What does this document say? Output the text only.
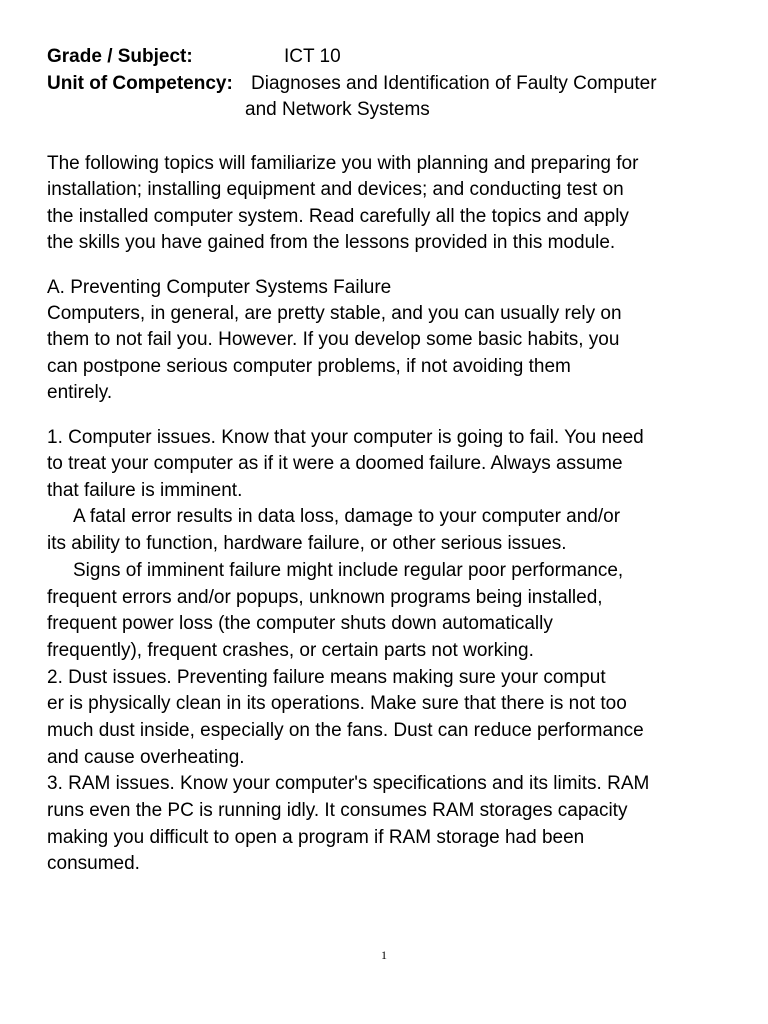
Grade / Subject:	ICT 10
Unit of Competency: Diagnoses and Identification of Faulty Computer
and Network Systems
The following topics will familiarize you with planning and preparing for
installation; installing equipment and devices; and conducting test on
the installed computer system. Read carefully all the topics and apply
the skills you have gained from the lessons provided in this module.
A. Preventing Computer Systems Failure
Computers, in general, are pretty stable, and you can usually rely on
them to not fail you. However. If you develop some basic habits, you
can postpone serious computer problems, if not avoiding them
entirely.
1. Computer issues. Know that your computer is going to fail. You need
to treat your computer as if it were a doomed failure. Always assume
that failure is imminent.
A fatal error results in data loss, damage to your computer and/or
its ability to function, hardware failure, or other serious issues.
Signs of imminent failure might include regular poor performance,
frequent errors and/or popups, unknown programs being installed,
frequent power loss (the computer shuts down automatically
frequently), frequent crashes, or certain parts not working.
2. Dust issues. Preventing failure means making sure your comput
er is physically clean in its operations. Make sure that there is not too
much dust inside, especially on the fans. Dust can reduce performance
and cause overheating.
3. RAM issues. Know your computer's specifications and its limits. RAM
runs even the PC is running idly. It consumes RAM storages capacity
making you difficult to open a program if RAM storage had been
consumed.
1
